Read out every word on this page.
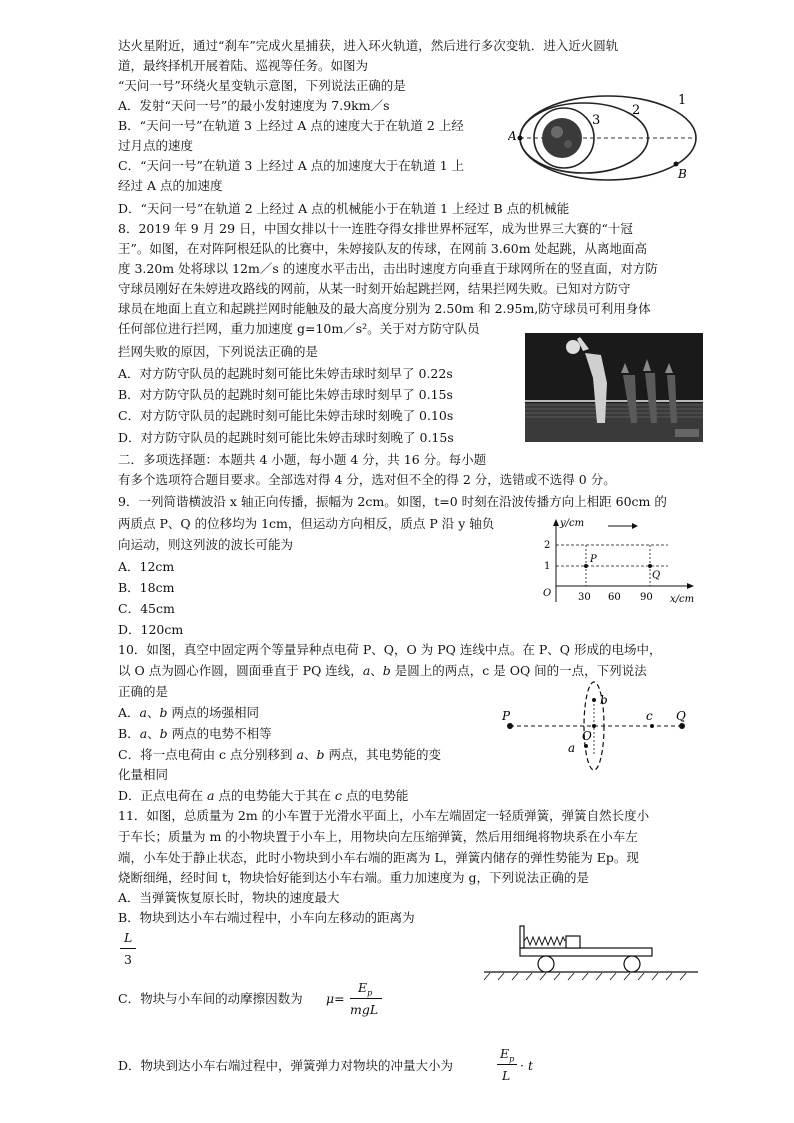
达火星附近，通过“刹车”完成火星捕获，进入环火轨道，然后进行多次变轨．进入近火圆轨
道，最终择机开展着陆、巡视等任务。如图为
“天问一号”环绕火星变轨示意图，下列说法正确的是
A．发射“天问一号”的最小发射速度为 7.9km／s
B．“天问一号”在轨道 3 上经过 A 点的速度大于在轨道 2 上经
过月点的速度
C．“天问一号”在轨道 3 上经过 A 点的加速度大于在轨道 1 上
经过 A 点的加速度
D．“天问一号”在轨道 2 上经过 A 点的机械能小于在轨道 1 上经过 B 点的机械能
A
B
1
2
3
8．2019 年 9 月 29 日，中国女排以十一连胜夺得女排世界杯冠军，成为世界三大赛的“十冠
王”。如图，在对阵阿根廷队的比赛中，朱婷接队友的传球，在网前 3.60m 处起跳，从离地面高
度 3.20m 处将球以 12m／s 的速度水平击出，击出时速度方向垂直于球网所在的竖直面，对方防
守球员刚好在朱婷进攻路线的网前，从某一时刻开始起跳拦网，结果拦网失败。已知对方防守
球员在地面上直立和起跳拦网时能触及的最大高度分别为 2.50m 和 2.95m,防守球员可利用身体
任何部位进行拦网，重力加速度 g=10m／s²。关于对方防守队员
拦网失败的原因，下列说法正确的是
A．对方防守队员的起跳时刻可能比朱婷击球时刻早了 0.22s
B．对方防守队员的起跳时刻可能比朱婷击球时刻早了 0.15s
C．对方防守队员的起跳时刻可能比朱婷击球时刻晚了 0.10s
D．对方防守队员的起跳时刻可能比朱婷击球时刻晚了 0.15s
二．多项选择题：本题共 4 小题，每小题 4 分，共 16 分。每小题
有多个选项符合题目要求。全部选对得 4 分，选对但不全的得 2 分，选错或不选得 0 分。
9．一列简谐横波沿 x 轴正向传播，振幅为 2cm。如图，t=0 时刻在沿波传播方向上相距 60cm 的
两质点 P、Q 的位移均为 1cm，但运动方向相反，质点 P 沿 y 轴负
向运动，则这列波的波长可能为
A．12cm
B．18cm
C．45cm
D．120cm
y/cm
x/cm
2
1
O	30 60 90
P
Q
10．如图，真空中固定两个等量异种点电荷 P、Q，O 为 PQ 连线中点。在 P、Q 形成的电场中，
以 O 点为圆心作圆，圆面垂直于 PQ 连线，a、b 是圆上的两点，c 是 OQ 间的一点，下列说法
正确的是
A．a、b 两点的场强相同
B．a、b 两点的电势不相等
C．将一点电荷由 c 点分别移到 a、b 两点，其电势能的变
化量相同
D．正点电荷在 a 点的电势能大于其在 c 点的电势能
P	Q
O
b
a
c
11．如图，总质量为 2m 的小车置于光滑水平面上，小车左端固定一轻质弹簧，弹簧自然长度小
于车长；质量为 m 的小物块置于小车上，用物块向左压缩弹簧，然后用细绳将物块系在小车左
端，小车处于静止状态，此时小物块到小车右端的距离为 L，弹簧内储存的弹性势能为 Ep。现
烧断细绳，经时间 t，物块恰好能到达小车右端。重力加速度为 g，下列说法正确的是
A．当弹簧恢复原长时，物块的速度最大
B．物块到达小车右端过程中，小车向左移动的距离为
L
3
C．物块与小车间的动摩擦因数为 μ=
$E_p$
mgL
D．物块到达小车右端过程中，弹簧弹力对物块的冲量大小为
$E_p$
L
· t
